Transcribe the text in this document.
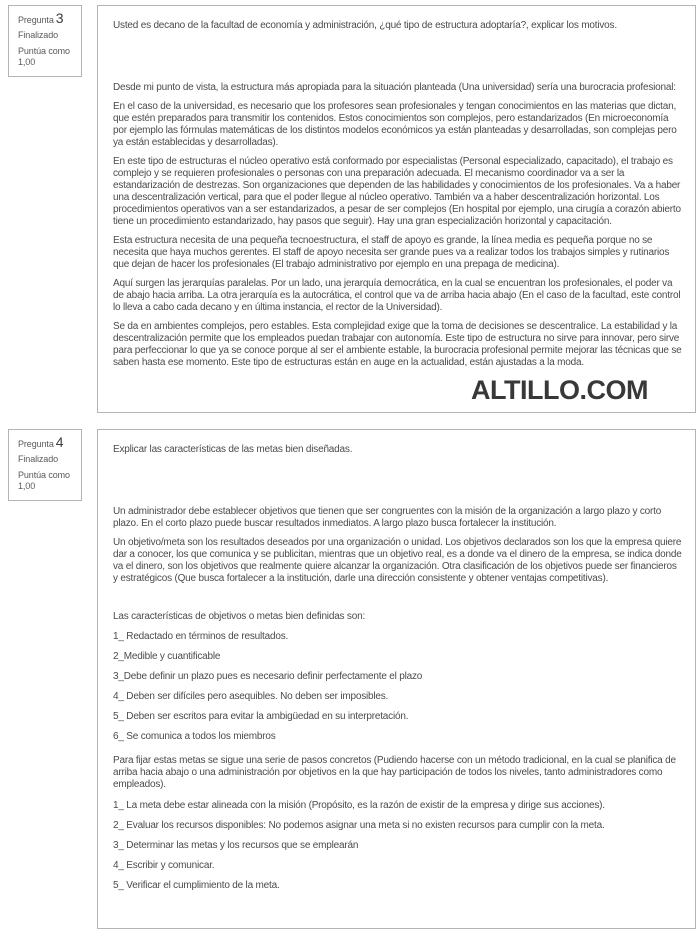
Pregunta 3
Finalizado
Puntúa como
1,00

Usted es decano de la facultad de economía y administración, ¿qué tipo de estructura adoptaría?, explicar los motivos.

Desde mi punto de vista, la estructura más apropiada para la situación planteada (Una universidad) sería una burocracia profesional:

En el caso de la universidad, es necesario que los profesores sean profesionales y tengan conocimientos en las materias que dictan, que estén preparados para transmitir los contenidos. Estos conocimientos son complejos, pero estandarizados (En microeconomía por ejemplo las fórmulas matemáticas de los distintos modelos económicos ya están planteadas y desarrolladas, son complejas pero ya están establecidas y desarrolladas).

En este tipo de estructuras el núcleo operativo está conformado por especialistas (Personal especializado, capacitado), el trabajo es complejo y se requieren profesionales o personas con una preparación adecuada. El mecanismo coordinador va a ser la estandarización de destrezas. Son organizaciones que dependen de las habilidades y conocimientos de los profesionales. Va a haber una descentralización vertical, para que el poder llegue al núcleo operativo. También va a haber descentralización horizontal. Los procedimientos operativos van a ser estandarizados, a pesar de ser complejos (En hospital por ejemplo, una cirugía a corazón abierto tiene un procedimiento estandarizado, hay pasos que seguir). Hay una gran especialización horizontal y capacitación.

Esta estructura necesita de una pequeña tecnoestructura, el staff de apoyo es grande, la línea media es pequeña porque no se necesita que haya muchos gerentes. El staff de apoyo necesita ser grande pues va a realizar todos los trabajos simples y rutinarios que dejan de hacer los profesionales (El trabajo administrativo por ejemplo en una prepaga de medicina).

Aquí surgen las jerarquías paralelas. Por un lado, una jerarquía democrática, en la cual se encuentran los profesionales, el poder va de abajo hacia arriba. La otra jerarquía es la autocrática, el control que va de arriba hacia abajo (En el caso de la facultad, este control lo lleva a cabo cada decano y en última instancia, el rector de la Universidad).

Se da en ambientes complejos, pero estables. Esta complejidad exige que la toma de decisiones se descentralice. La estabilidad y la descentralización permite que los empleados puedan trabajar con autonomía. Este tipo de estructura no sirve para innovar, pero sirve para perfeccionar lo que ya se conoce porque al ser el ambiente estable, la burocracia profesional permite mejorar las técnicas que se saben hasta ese momento. Este tipo de estructuras están en auge en la actualidad, están ajustadas a la moda.

ALTILLO.COM
Pregunta 4
Finalizado
Puntúa como
1,00

Explicar las características de las metas bien diseñadas.

Un administrador debe establecer objetivos que tienen que ser congruentes con la misión de la organización a largo plazo y corto plazo. En el corto plazo puede buscar resultados inmediatos. A largo plazo busca fortalecer la institución.

Un objetivo/meta son los resultados deseados por una organización o unidad. Los objetivos declarados son los que la empresa quiere dar a conocer, los que comunica y se publicitan, mientras que un objetivo real, es a donde va el dinero de la empresa, se indica donde va el dinero, son los objetivos que realmente quiere alcanzar la organización. Otra clasificación de los objetivos puede ser financieros y estratégicos (Que busca fortalecer a la institución, darle una dirección consistente y obtener ventajas competitivas).

Las características de objetivos o metas bien definidas son:

1_ Redactado en términos de resultados.
2_Medible y cuantificable
3_Debe definir un plazo pues es necesario definir perfectamente el plazo
4_ Deben ser difíciles pero asequibles. No deben ser imposibles.
5_ Deben ser escritos para evitar la ambigüedad en su interpretación.
6_ Se comunica a todos los miembros

Para fijar estas metas se sigue una serie de pasos concretos (Pudiendo hacerse con un método tradicional, en la cual se planifica de arriba hacia abajo o una administración por objetivos en la que hay participación de todos los niveles, tanto administradores como empleados).

1_ La meta debe estar alineada con la misión (Propósito, es la razón de existir de la empresa y dirige sus acciones).
2_ Evaluar los recursos disponibles: No podemos asignar una meta si no existen recursos para cumplir con la meta.
3_ Determinar las metas y los recursos que se emplearán
4_ Escribir y comunicar.
5_ Verificar el cumplimiento de la meta.
